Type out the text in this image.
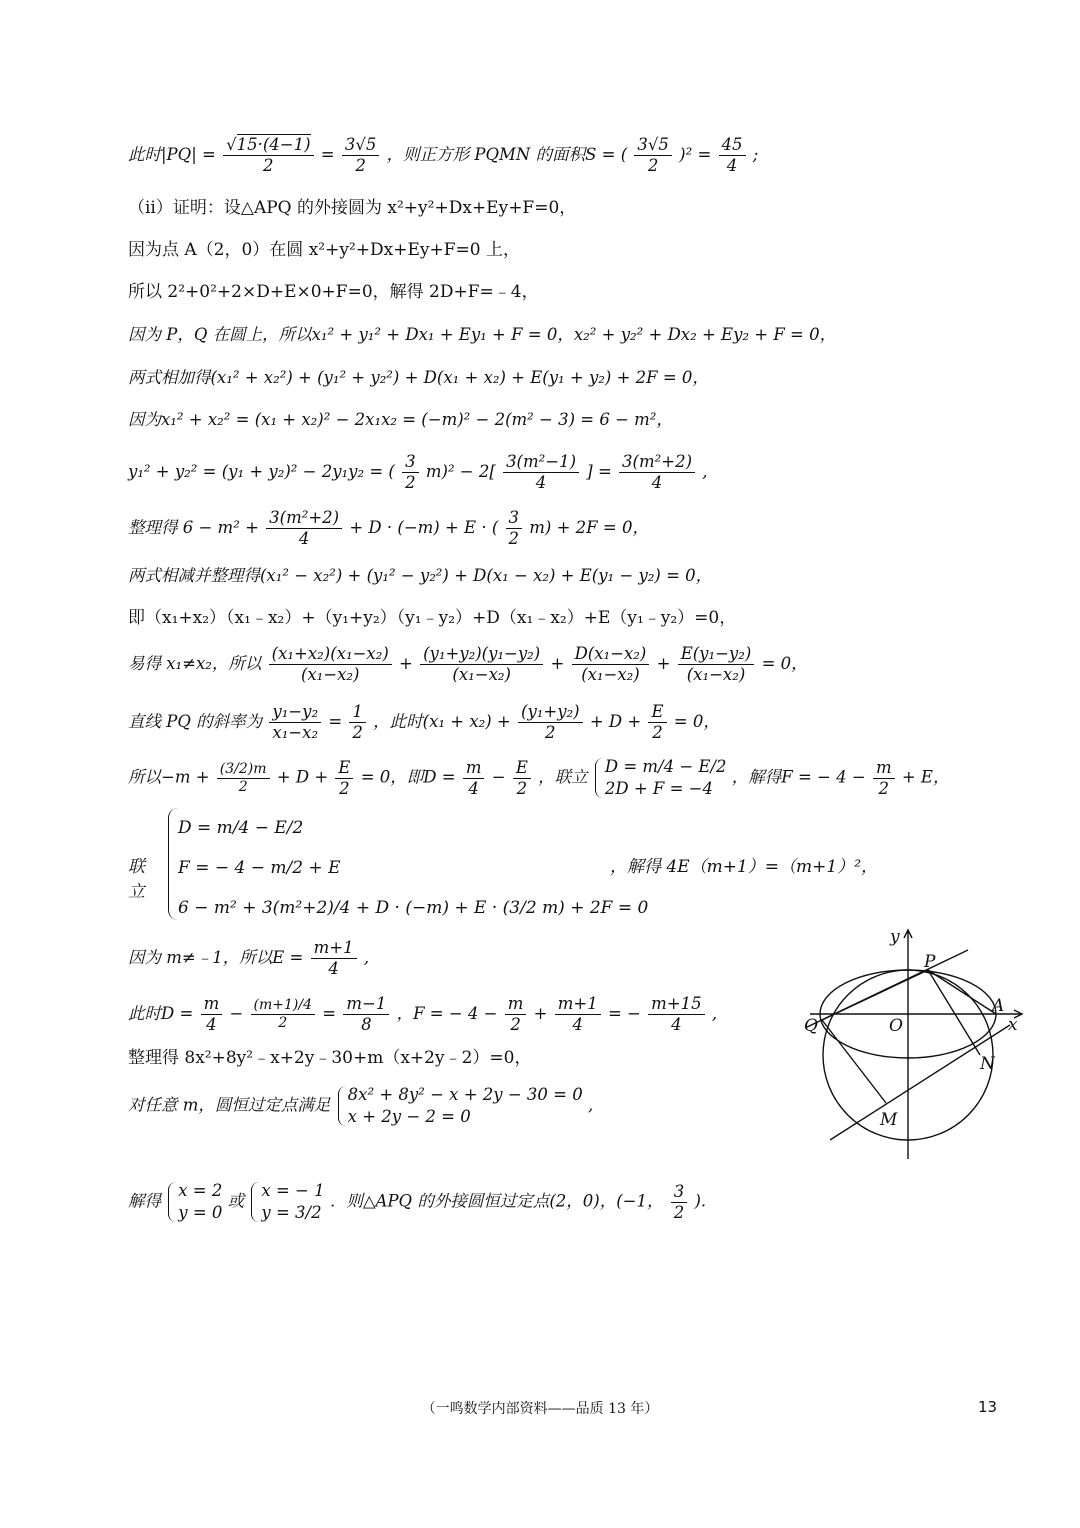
此时$|PQ| = \frac{√15\cdot(4-1)}{2} = \frac{3√5}{2}$ ，则正方形 PQMN 的面积S = ( $\frac{3√5}{2} )^2 = \frac{45}{4}$ ;
（ii）证明：设△APQ 的外接圆为 x²+y²+Dx+Ey+F=0，
因为点 A（2，0）在圆 x²+y²+Dx+Ey+F=0 上，
所以 2²+0²+2×D+E×0+F=0，解得 2D+F=﹣4，
因为 P，Q 在圆上，所以x₁² + y₁² + Dx₁ + Ey₁ + F = 0，x₂² + y₂² + Dx₂ + Ey₂ + F = 0，
两式相加得(x₁² + x₂²) + (y₁² + y₂²) + D(x₁ + x₂) + E(y₁ + y₂) + 2F = 0，
因为x₁² + x₂² = (x₁ + x₂)² − 2x₁x₂ = (−m)² − 2(m² − 3) = 6 − m²，
y₁² + y₂² = (y₁ + y₂)² − 2y₁y₂ = ( $\frac{3}{2} m)^2 - 2[ \frac{\text{3(m²−1)}}{4}$ ] = $\frac{\text{3(m²+2)}}{4}$ ,
整理得 $6 - m^2 + \frac{\text{3(m²+2)}}{4} + D \cdot (-m) + E$ · ( $\frac{3}{2} m) + 2F = 0$，
两式相减并整理得(x₁² − x₂²) + (y₁² − y₂²) + D(x₁ − x₂) + E(y₁ − y₂) = 0，
即（x₁+x₂）（x₁﹣x₂）+（y₁+y₂）（y₁﹣y₂）+D（x₁﹣x₂）+E（y₁﹣y₂）=0，
易得 x₁≠x₂，所以 $\frac{\text{(x₁+x₂)(x₁−x₂)}}{\text{(x₁−x₂)}} + \frac{\text{(y₁+y₂)(y₁−y₂)}}{\text{(x₁−x₂)}} + \frac{\text{D(x₁−x₂)}}{\text{(x₁−x₂)}} + \frac{\text{E(y₁−y₂)}}{\text{(x₁−x₂)}} = 0$，
直线 PQ 的斜率为 $\frac{\text{y₁−y₂}}{\text{x₁−x₂}} = \frac{1}{2}$ ，此时$(x_1 + x_2) + \frac{\text{(y₁+y₂)}}{2} + D + \frac{E}{2} = 0$，
所以$-m + \frac{(3/2)m}{2} + D + \frac{E}{2} = 0$，即$D = \frac{m}{4} - \frac{E}{2}$ ，联立
D = m/4 − E/2
2D + F = −4
，解得F = − $4 - \frac{m}{2} + E$，
联立
D = m/4 − E/2
F = − 4 − m/2 + E
6 − m² + 3(m²+2)/4 + D · (−m) + E · (3/2 m) + 2F = 0
，解得 4E（m+1）=（m+1）²，
因为 m≠﹣1，所以$E = \frac{m+1}{4}$ ,
此时$D = \frac{m}{4} - \frac{(m+1)/4}{2} = \frac{m-1}{8}$ ，F = − $4 - \frac{m}{2} + \frac{m+1}{4}$ = − $\frac{m+15}{4}$ ,
整理得 8x²+8y²﹣x+2y﹣30+m（x+2y﹣2）=0，
对任意 m，圆恒过定点满足
8x² + 8y² − x + 2y − 30 = 0
x + 2y − 2 = 0
,
解得
x = 2
y = 0
或
x = − 1
y = 3/2
．则△APQ 的外接圆恒过定点(2，0)，(−1， $\frac{3}{2}$ ).
y
x
O
P
Q
A
N
M
（一鸣数学内部资料——品质 13 年）	13
